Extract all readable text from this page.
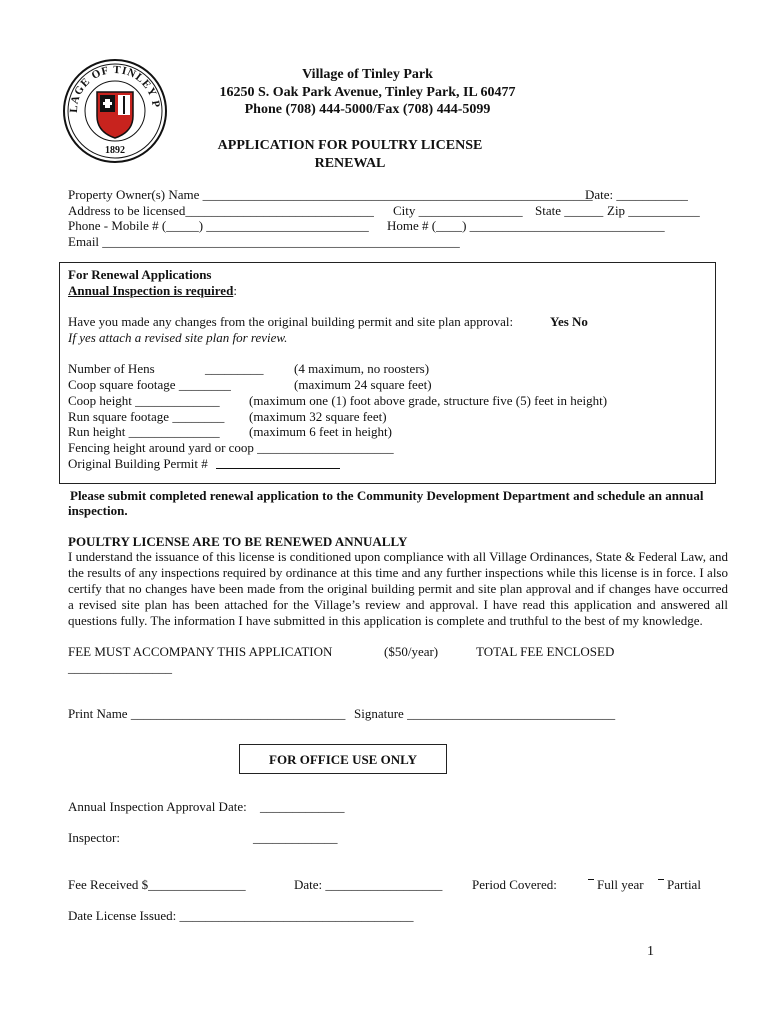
LAGE OF TINLEY P
1892
Village of Tinley Park
16250 S. Oak Park Avenue, Tinley Park, IL 60477
Phone (708) 444-5000/Fax (708) 444-5099
APPLICATION FOR POULTRY LICENSE
RENEWAL
Property Owner(s) Name ____________________________________________________________
Date: ___________
Address to be licensed_____________________________ City ________________ State ______ Zip ___________
Phone - Mobile # (_____) _________________________ Home # (____) ______________________________
Email _______________________________________________________
For Renewal Applications
Annual Inspection is required:
Have you made any changes from the original building permit and site plan approval:	Yes No
If yes attach a revised site plan for review.
Number of Hens	_________ (4 maximum, no roosters)
Coop square footage ________	(maximum 24 square feet)
Coop height _____________ (maximum one (1) foot above grade, structure five (5) feet in height)
Run square footage ________ (maximum 32 square feet)
Run height ______________ (maximum 6 feet in height)
Fencing height around yard or coop _____________________
Original Building Permit #
Please submit completed renewal application to the Community Development Department and schedule an annual
inspection.
POULTRY LICENSE ARE TO BE RENEWED ANNUALLY
I understand the issuance of this license is conditioned upon compliance with all Village Ordinances, State & Federal Law, and the results of any inspections required by ordinance at this time and any further inspections while this license is in force. I also certify that no changes have been made from the original building permit and site plan approval and if changes have occurred a revised site plan has been attached for the Village’s review and approval. I have read this application and answered all questions fully. The information I have submitted in this application is complete and truthful to the best of my knowledge.
FEE MUST ACCOMPANY THIS APPLICATION	($50/year)	TOTAL FEE ENCLOSED
________________
Print Name _________________________________ Signature ________________________________
FOR OFFICE USE ONLY
Annual Inspection Approval Date: _____________
Inspector:	_____________
Fee Received $_______________	Date: __________________ Period Covered:	Full year	Partial
Date License Issued: ____________________________________
1
